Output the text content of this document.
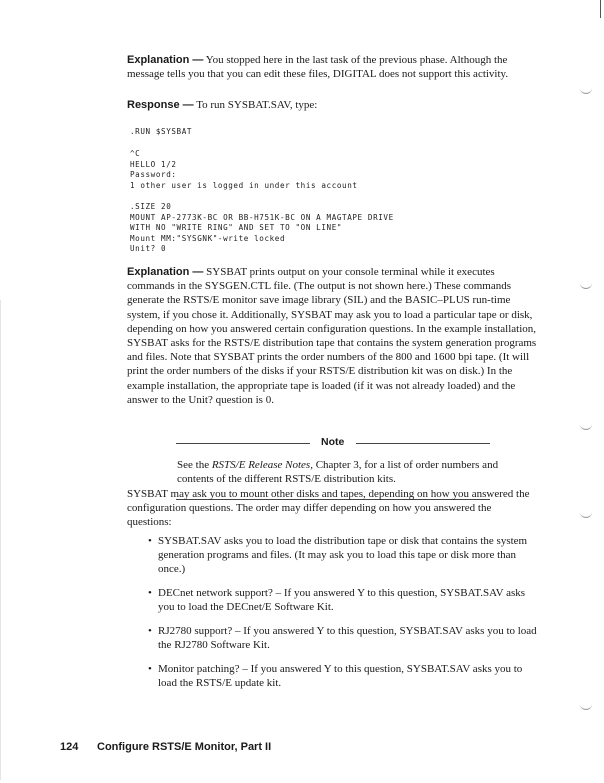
Explanation — You stopped here in the last task of the previous phase. Although the message tells you that you can edit these files, DIGITAL does not support this activity.

Response — To run SYSBAT.SAV, type:

.RUN $SYSBAT
^C
HELLO 1/2
Password:
1 other user is logged in under this account

.SIZE 20
MOUNT AP-2773K-BC OR BB-H751K-BC ON A MAGTAPE DRIVE
WITH NO "WRITE RING" AND SET TO "ON LINE"
Mount MM:"SYSGNK"-write locked
Unit? 0

Explanation — SYSBAT prints output on your console terminal while it executes commands in the SYSGEN.CTL file. (The output is not shown here.) These commands generate the RSTS/E monitor save image library (SIL) and the BASIC–PLUS run-time system, if you chose it. Additionally, SYSBAT may ask you to load a particular tape or disk, depending on how you answered certain configuration questions. In the example installation, SYSBAT asks for the RSTS/E distribution tape that contains the system generation programs and files. Note that SYSBAT prints the order numbers of the 800 and 1600 bpi tape. (It will print the order numbers of the disks if your RSTS/E distribution kit was on disk.) In the example installation, the appropriate tape is loaded (if it was not already loaded) and the answer to the Unit? question is 0.

Note

See the RSTS/E Release Notes, Chapter 3, for a list of order numbers and contents of the different RSTS/E distribution kits.

SYSBAT may ask you to mount other disks and tapes, depending on how you answered the configuration questions. The order may differ depending on how you answered the questions:

• SYSBAT.SAV asks you to load the distribution tape or disk that contains the system generation programs and files. (It may ask you to load this tape or disk more than once.)
• DECnet network support? – If you answered Y to this question, SYSBAT.SAV asks you to load the DECnet/E Software Kit.
• RJ2780 support? – If you answered Y to this question, SYSBAT.SAV asks you to load the RJ2780 Software Kit.
• Monitor patching? – If you answered Y to this question, SYSBAT.SAV asks you to load the RSTS/E update kit.
124 Configure RSTS/E Monitor, Part II
